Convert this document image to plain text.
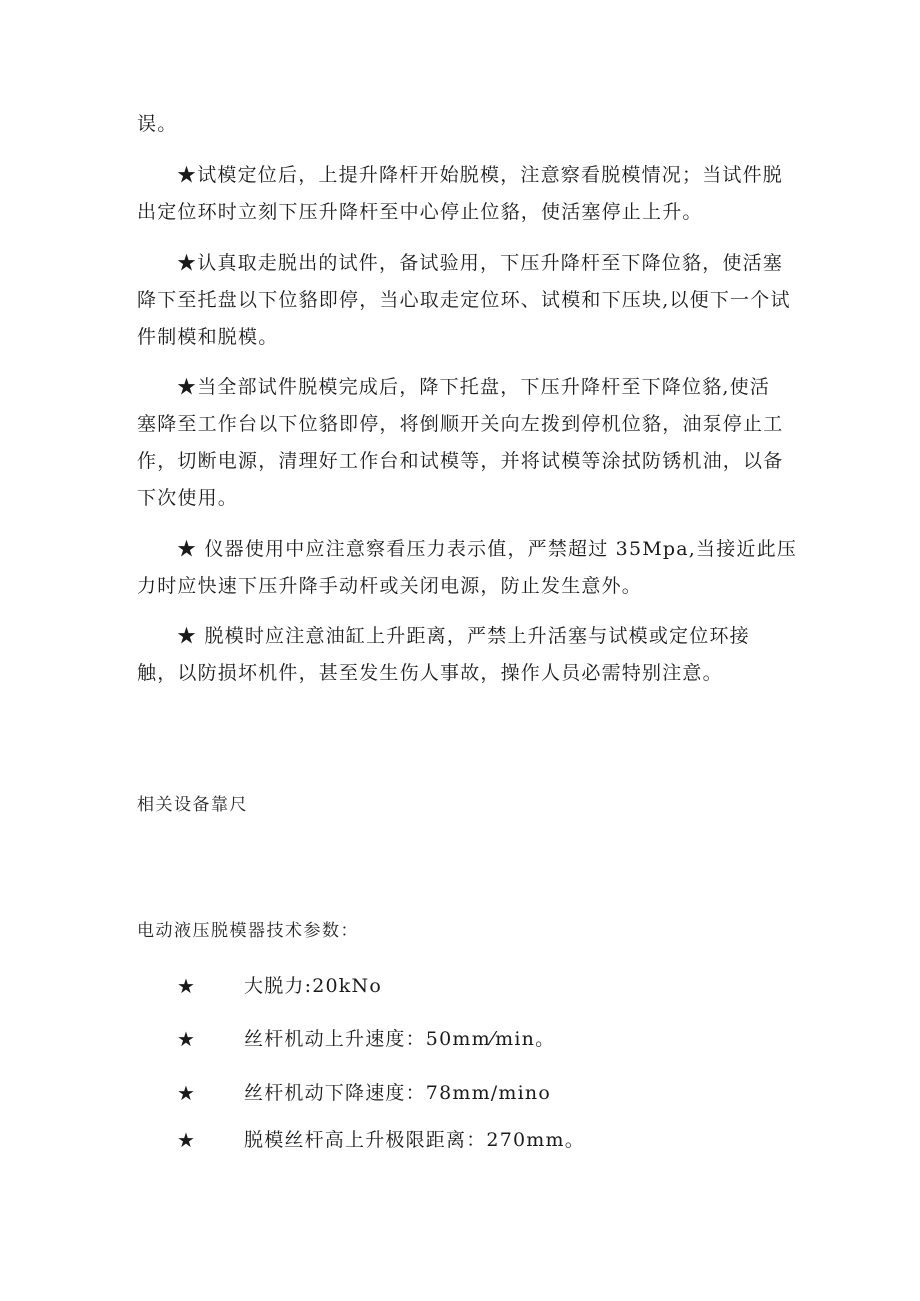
误。
★试模定位后，上提升降杆开始脱模，注意察看脱模情况；当试件脱
出定位环时立刻下压升降杆至中心停止位貉，使活塞停止上升。
★认真取走脱出的试件，备试验用，下压升降杆至下降位貉，使活塞
降下至托盘以下位貉即停，当心取走定位环、试模和下压块,以便下一个试
件制模和脱模。
★当全部试件脱模完成后，降下托盘，下压升降杆至下降位貉,使活
塞降至工作台以下位貉即停，将倒顺开关向左拨到停机位貉，油泵停止工
作，切断电源，清理好工作台和试模等，并将试模等涂拭防锈机油，以备
下次使用。
★ 仪器使用中应注意察看压力表示值，严禁超过 35Mpa,当接近此压
力时应快速下压升降手动杆或关闭电源，防止发生意外。
★ 脱模时应注意油缸上升距离，严禁上升活塞与试模或定位环接
触，以防损坏机件，甚至发生伤人事故，操作人员必需特别注意。
相关设备靠尺
电动液压脱模器技术参数：
★	大脱力:20kNo
★	丝杆机动上升速度：50mm⁄min。
★	丝杆机动下降速度：78mm/mino
★	脱模丝杆高上升极限距离：270mm。
